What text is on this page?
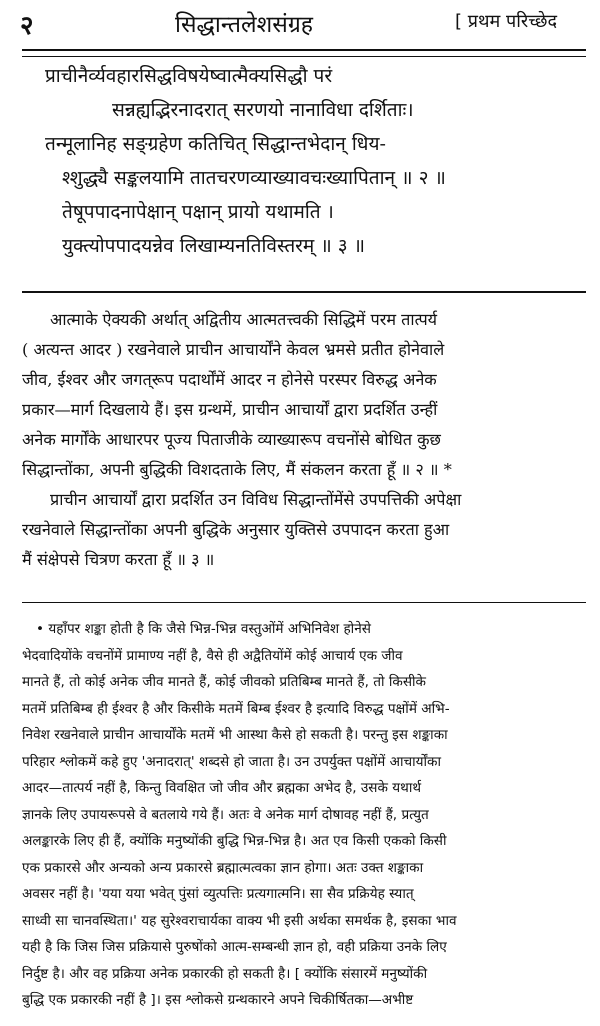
२	सिद्धान्तलेशसंग्रह	[ प्रथम परिच्छेद
प्राचीनैर्व्यवहारसिद्धविषयेष्वात्मैक्यसिद्धौ परं
सन्नह्यद्भिरनादरात् सरणयो नानाविधा दर्शिताः।
तन्मूलानिह सङ्ग्रहेण कतिचित् सिद्धान्तभेदान् धिय-
श्शुद्ध्यै सङ्कलयामि तातचरणव्याख्यावचःख्यापितान् ॥ २ ॥
तेषूपपादनापेक्षान् पक्षान् प्रायो यथामति ।
युक्त्योपपादयन्नेव लिखाम्यनतिविस्तरम् ॥ ३ ॥
आत्माके ऐक्यकी अर्थात् अद्वितीय आत्मतत्त्वकी सिद्धिमें परम तात्पर्य
( अत्यन्त आदर ) रखनेवाले प्राचीन आचार्योंने केवल भ्रमसे प्रतीत होनेवाले
जीव, ईश्वर और जगत्‌रूप पदार्थोंमें आदर न होनेसे परस्पर विरुद्ध अनेक
प्रकार—मार्ग दिखलाये हैं। इस ग्रन्थमें, प्राचीन आचार्यों द्वारा प्रदर्शित उन्हीं
अनेक मार्गोंके आधारपर पूज्य पिताजीके व्याख्यारूप वचनोंसे बोधित कुछ
सिद्धान्तोंका, अपनी बुद्धिकी विशदताके लिए, मैं संकलन करता हूँ ॥ २ ॥ *
प्राचीन आचार्यों द्वारा प्रदर्शित उन विविध सिद्धान्तोंमेंसे उपपत्तिकी अपेक्षा
रखनेवाले सिद्धान्तोंका अपनी बुद्धिके अनुसार युक्तिसे उपपादन करता हुआ
मैं संक्षेपसे चित्रण करता हूँ ॥ ३ ॥
• यहाँपर शङ्का होती है कि जैसे भिन्न-भिन्न वस्तुओंमें अभिनिवेश होनेसे
भेदवादियोंके वचनोंमें प्रामाण्य नहीं है, वैसे ही अद्वैतियोंमें कोई आचार्य एक जीव
मानते हैं, तो कोई अनेक जीव मानते हैं, कोई जीवको प्रतिबिम्ब मानते हैं, तो किसीके
मतमें प्रतिबिम्ब ही ईश्वर है और किसीके मतमें बिम्ब ईश्वर है इत्यादि विरुद्ध पक्षोंमें अभि-
निवेश रखनेवाले प्राचीन आचार्योंके मतमें भी आस्था कैसे हो सकती है। परन्तु इस शङ्काका
परिहार श्लोकमें कहे हुए 'अनादरात्' शब्दसे हो जाता है। उन उपर्युक्त पक्षोंमें आचार्योंका
आदर—तात्पर्य नहीं है, किन्तु विवक्षित जो जीव और ब्रह्मका अभेद है, उसके यथार्थ
ज्ञानके लिए उपायरूपसे वे बतलाये गये हैं। अतः वे अनेक मार्ग दोषावह नहीं हैं, प्रत्युत
अलङ्कारके लिए ही हैं, क्योंकि मनुष्योंकी बुद्धि भिन्न-भिन्न है। अत एव किसी एकको किसी
एक प्रकारसे और अन्यको अन्य प्रकारसे ब्रह्मात्मत्वका ज्ञान होगा। अतः उक्त शङ्काका
अवसर नहीं है। 'यया यया भवेत् पुंसां व्युत्पत्तिः प्रत्यगात्मनि। सा सैव प्रक्रियेह स्यात्
साध्वी सा चानवस्थिता।' यह सुरेश्वराचार्यका वाक्य भी इसी अर्थका समर्थक है, इसका भाव
यही है कि जिस जिस प्रक्रियासे पुरुषोंको आत्म-सम्बन्धी ज्ञान हो, वही प्रक्रिया उनके लिए
निर्दुष्ट है। और वह प्रक्रिया अनेक प्रकारकी हो सकती है। [ क्योंकि संसारमें मनुष्योंकी
बुद्धि एक प्रकारकी नहीं है ]। इस श्लोकसे ग्रन्थकारने अपने चिकीर्षितका—अभीष्ट
